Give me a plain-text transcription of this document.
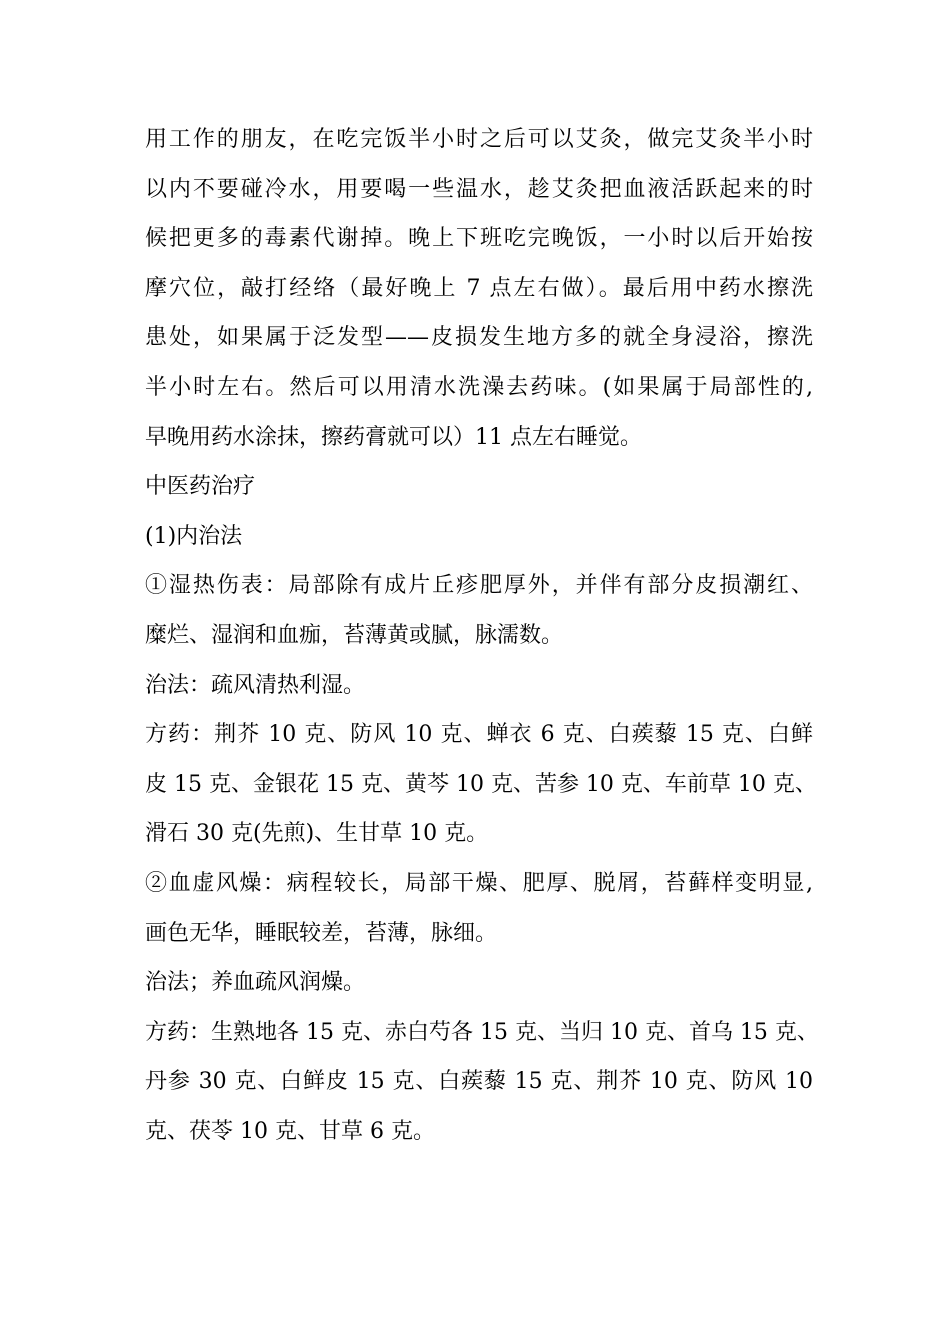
用工作的朋友，在吃完饭半小时之后可以艾灸，做完艾灸半小时
以内不要碰冷水，用要喝一些温水，趁艾灸把血液活跃起来的时
候把更多的毒素代谢掉。晚上下班吃完晚饭，一小时以后开始按
摩穴位，敲打经络（最好晚上 7 点左右做）。最后用中药水擦洗
患处，如果属于泛发型——皮损发生地方多的就全身浸浴，擦洗
半小时左右。然后可以用清水洗澡去药味。(如果属于局部性的,
早晚用药水涂抹，擦药膏就可以）11 点左右睡觉。
中医药治疗
(1)内治法
①湿热伤表：局部除有成片丘疹肥厚外，并伴有部分皮损潮红、
糜烂、湿润和血痂，苔薄黄或腻，脉濡数。
治法：疏风清热利湿。
方药：荆芥 10 克、防风 10 克、蝉衣 6 克、白蒺藜 15 克、白鲜
皮 15 克、金银花 15 克、黄芩 10 克、苦参 10 克、车前草 10 克、
滑石 30 克(先煎)、生甘草 10 克。
②血虚风燥：病程较长，局部干燥、肥厚、脱屑，苔藓样变明显,
画色无华，睡眠较差，苔薄，脉细。
治法；养血疏风润燥。
方药：生熟地各 15 克、赤白芍各 15 克、当归 10 克、首乌 15 克、
丹参 30 克、白鲜皮 15 克、白蒺藜 15 克、荆芥 10 克、防风 10
克、茯苓 10 克、甘草 6 克。
